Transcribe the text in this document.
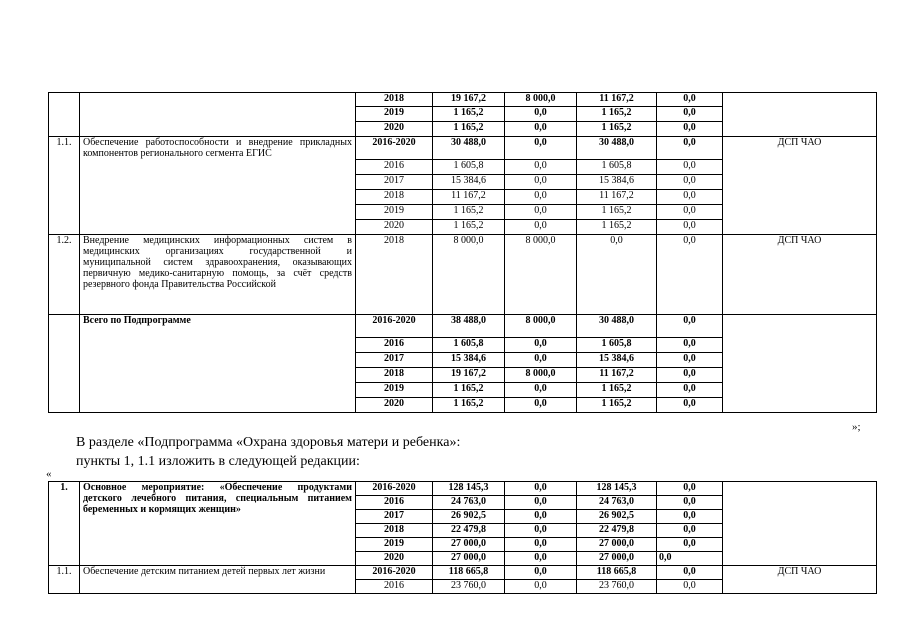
		2018	19 167,2	8 000,0	11 167,2	0,0	
		2019	1 165,2	0,0	1 165,2	0,0	
		2020	1 165,2	0,0	1 165,2	0,0	
1.1.	Обеспечение работоспособности и внедрение прикладных компонентов регионального сегмента ЕГИС	2016-2020	30 488,0	0,0	30 488,0	0,0	ДСП ЧАО
		2016	1 605,8	0,0	1 605,8	0,0	
		2017	15 384,6	0,0	15 384,6	0,0	
		2018	11 167,2	0,0	11 167,2	0,0	
		2019	1 165,2	0,0	1 165,2	0,0	
		2020	1 165,2	0,0	1 165,2	0,0	
1.2.	Внедрение медицинских информационных систем в медицинских организациях государственной и муниципальной систем здравоохранения, оказывающих первичную медико-санитарную помощь, за счёт средств резервного фонда Правительства Российской	2018	8 000,0	8 000,0	0,0	0,0	ДСП ЧАО
	Всего по Подпрограмме	2016-2020	38 488,0	8 000,0	30 488,0	0,0	
		2016	1 605,8	0,0	1 605,8	0,0	
		2017	15 384,6	0,0	15 384,6	0,0	
		2018	19 167,2	8 000,0	11 167,2	0,0	
		2019	1 165,2	0,0	1 165,2	0,0	
		2020	1 165,2	0,0	1 165,2	0,0	
»;
В разделе «Подпрограмма «Охрана здоровья матери и ребенка»:
пункты 1, 1.1 изложить в следующей редакции:
«
1.	Основное мероприятие: «Обеспечение продуктами детского лечебного питания, специальным питанием беременных и кормящих женщин»	2016-2020	128 145,3	0,0	128 145,3	0,0	
		2016	24 763,0	0,0	24 763,0	0,0	
		2017	26 902,5	0,0	26 902,5	0,0	
		2018	22 479,8	0,0	22 479,8	0,0	
		2019	27 000,0	0,0	27 000,0	0,0	
		2020	27 000,0	0,0	27 000,0	0,0	
1.1.	Обеспечение детским питанием детей первых лет жизни	2016-2020	118 665,8	0,0	118 665,8	0,0	ДСП ЧАО
		2016	23 760,0	0,0	23 760,0	0,0	
